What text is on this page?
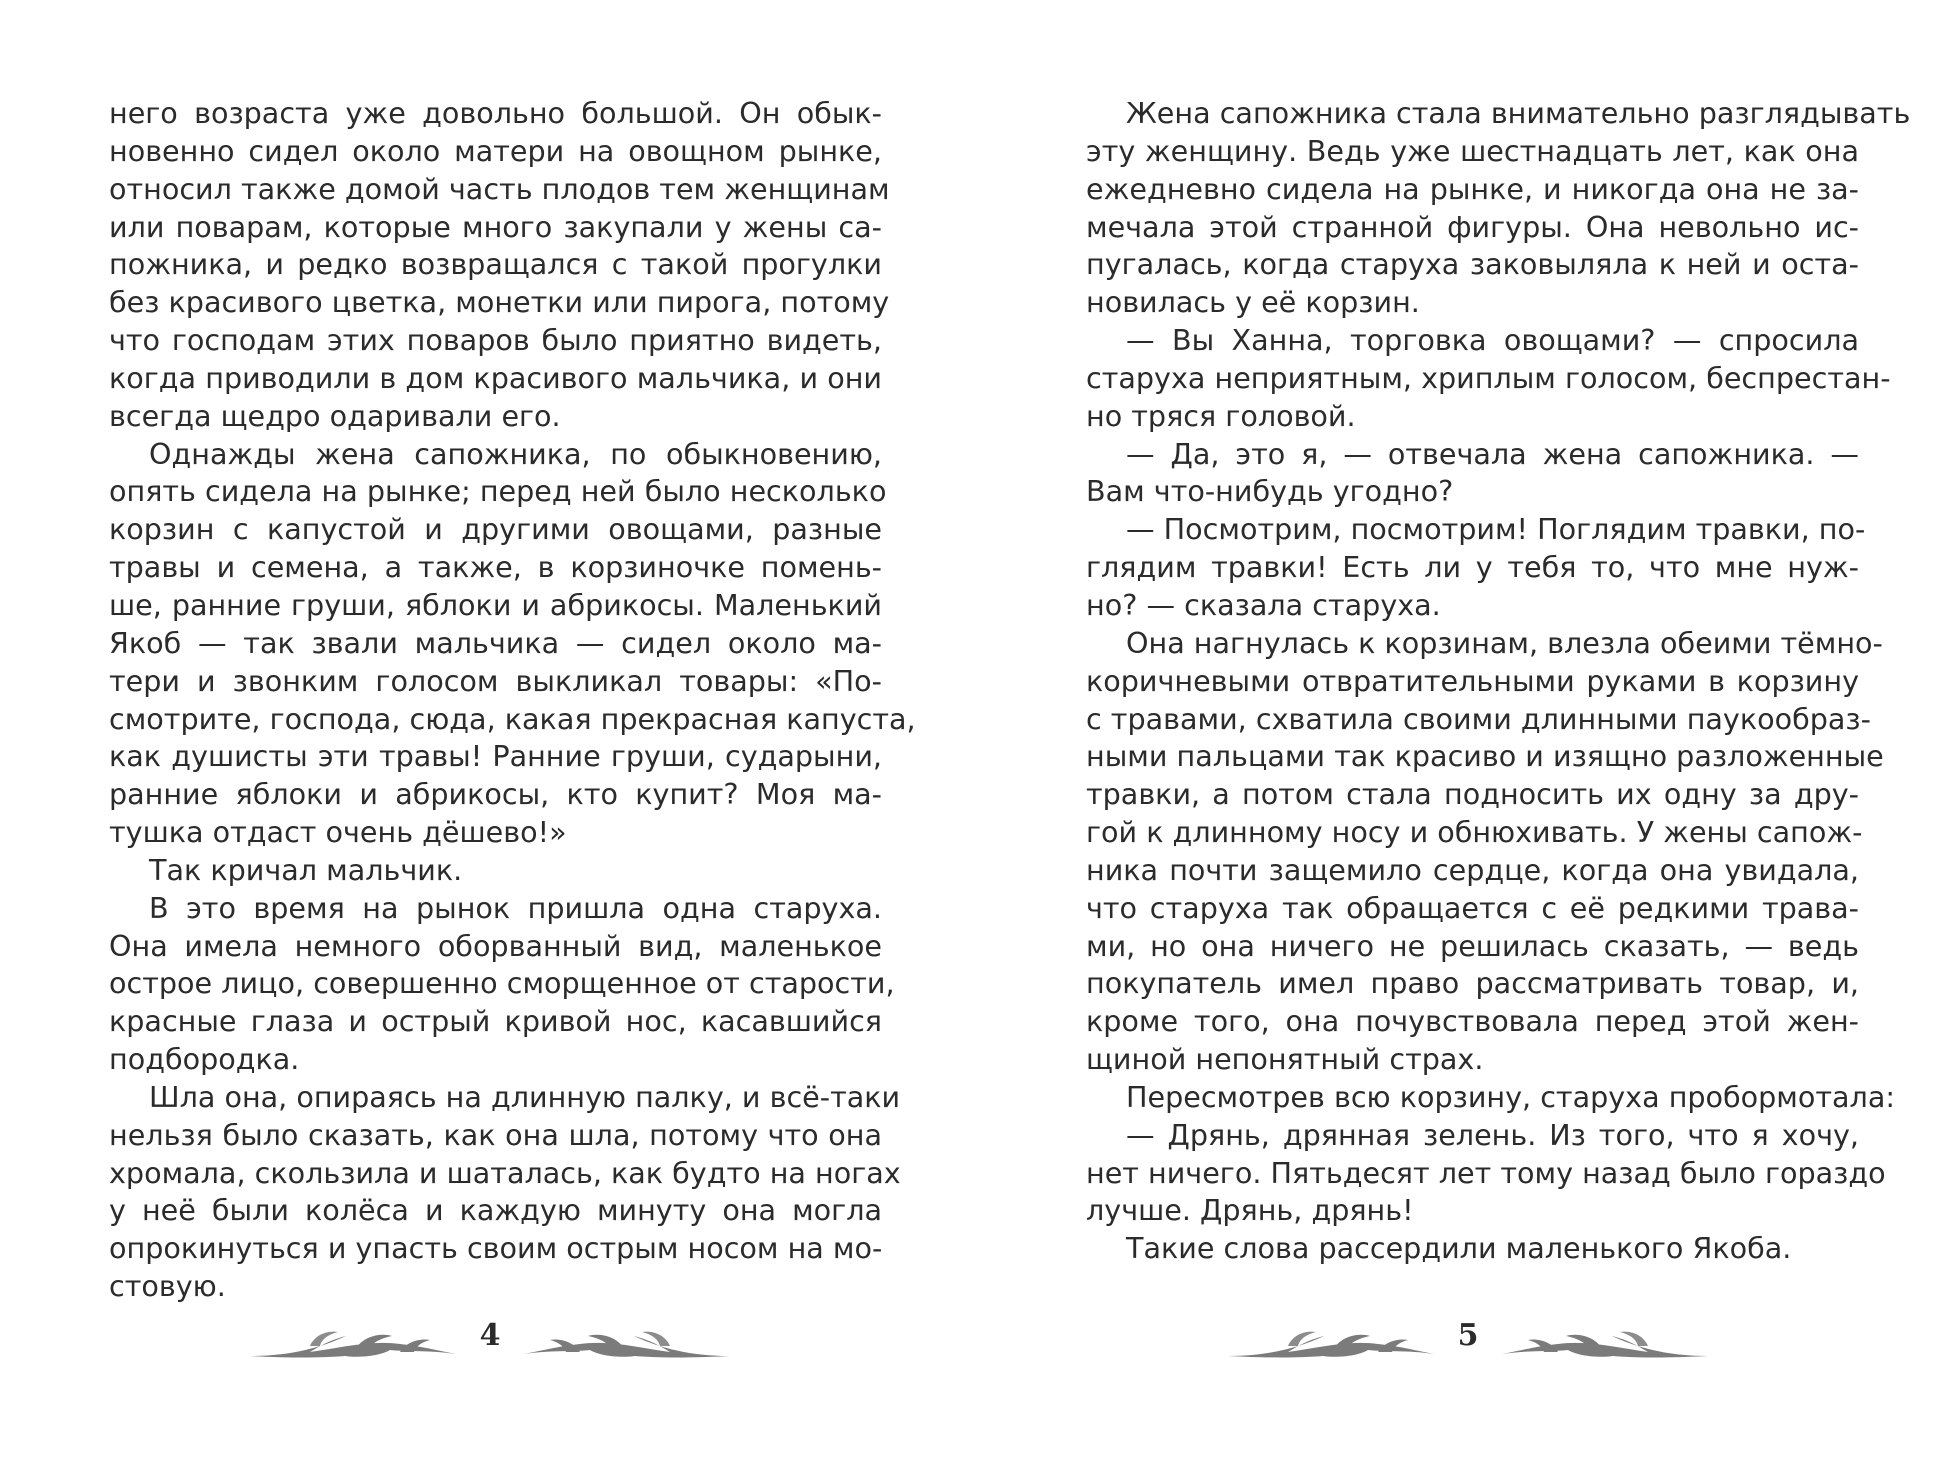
него возраста уже довольно большой. Он обык-
новенно сидел около матери на овощном рынке,
относил также домой часть плодов тем женщинам
или поварам, которые много закупали у жены са-
пожника, и редко возвращался с такой прогулки
без красивого цветка, монетки или пирога, потому
что господам этих поваров было приятно видеть,
когда приводили в дом красивого мальчика, и они
всегда щедро одаривали его.
Однажды жена сапожника, по обыкновению,
опять сидела на рынке; перед ней было несколько
корзин с капустой и другими овощами, разные
травы и семена, а также, в корзиночке помень-
ше, ранние груши, яблоки и абрикосы. Маленький
Якоб — так звали мальчика — сидел около ма-
тери и звонким голосом выкликал товары: «По-
смотрите, господа, сюда, какая прекрасная капуста,
как душисты эти травы! Ранние груши, сударыни,
ранние яблоки и абрикосы, кто купит? Моя ма-
тушка отдаст очень дёшево!»
Так кричал мальчик.
В это время на рынок пришла одна старуха.
Она имела немного оборванный вид, маленькое
острое лицо, совершенно сморщенное от старости,
красные глаза и острый кривой нос, касавшийся
подбородка.
Шла она, опираясь на длинную палку, и всё-таки
нельзя было сказать, как она шла, потому что она
хромала, скользила и шаталась, как будто на ногах
у неё были колёса и каждую минуту она могла
опрокинуться и упасть своим острым носом на мо-
стовую.
Жена сапожника стала внимательно разглядывать
эту женщину. Ведь уже шестнадцать лет, как она
ежедневно сидела на рынке, и никогда она не за-
мечала этой странной фигуры. Она невольно ис-
пугалась, когда старуха заковыляла к ней и оста-
новилась у её корзин.
— Вы Ханна, торговка овощами? — спросила
старуха неприятным, хриплым голосом, беспрестан-
но тряся головой.
— Да, это я, — отвечала жена сапожника. —
Вам что-нибудь угодно?
— Посмотрим, посмотрим! Поглядим травки, по-
глядим травки! Есть ли у тебя то, что мне нуж-
но? — сказала старуха.
Она нагнулась к корзинам, влезла обеими тёмно-
коричневыми отвратительными руками в корзину
с травами, схватила своими длинными паукообраз-
ными пальцами так красиво и изящно разложенные
травки, а потом стала подносить их одну за дру-
гой к длинному носу и обнюхивать. У жены сапож-
ника почти защемило сердце, когда она увидала,
что старуха так обращается с её редкими трава-
ми, но она ничего не решилась сказать, — ведь
покупатель имел право рассматривать товар, и,
кроме того, она почувствовала перед этой жен-
щиной непонятный страх.
Пересмотрев всю корзину, старуха пробормотала:
— Дрянь, дрянная зелень. Из того, что я хочу,
нет ничего. Пятьдесят лет тому назад было гораздо
лучше. Дрянь, дрянь!
Такие слова рассердили маленького Якоба.
4	5
